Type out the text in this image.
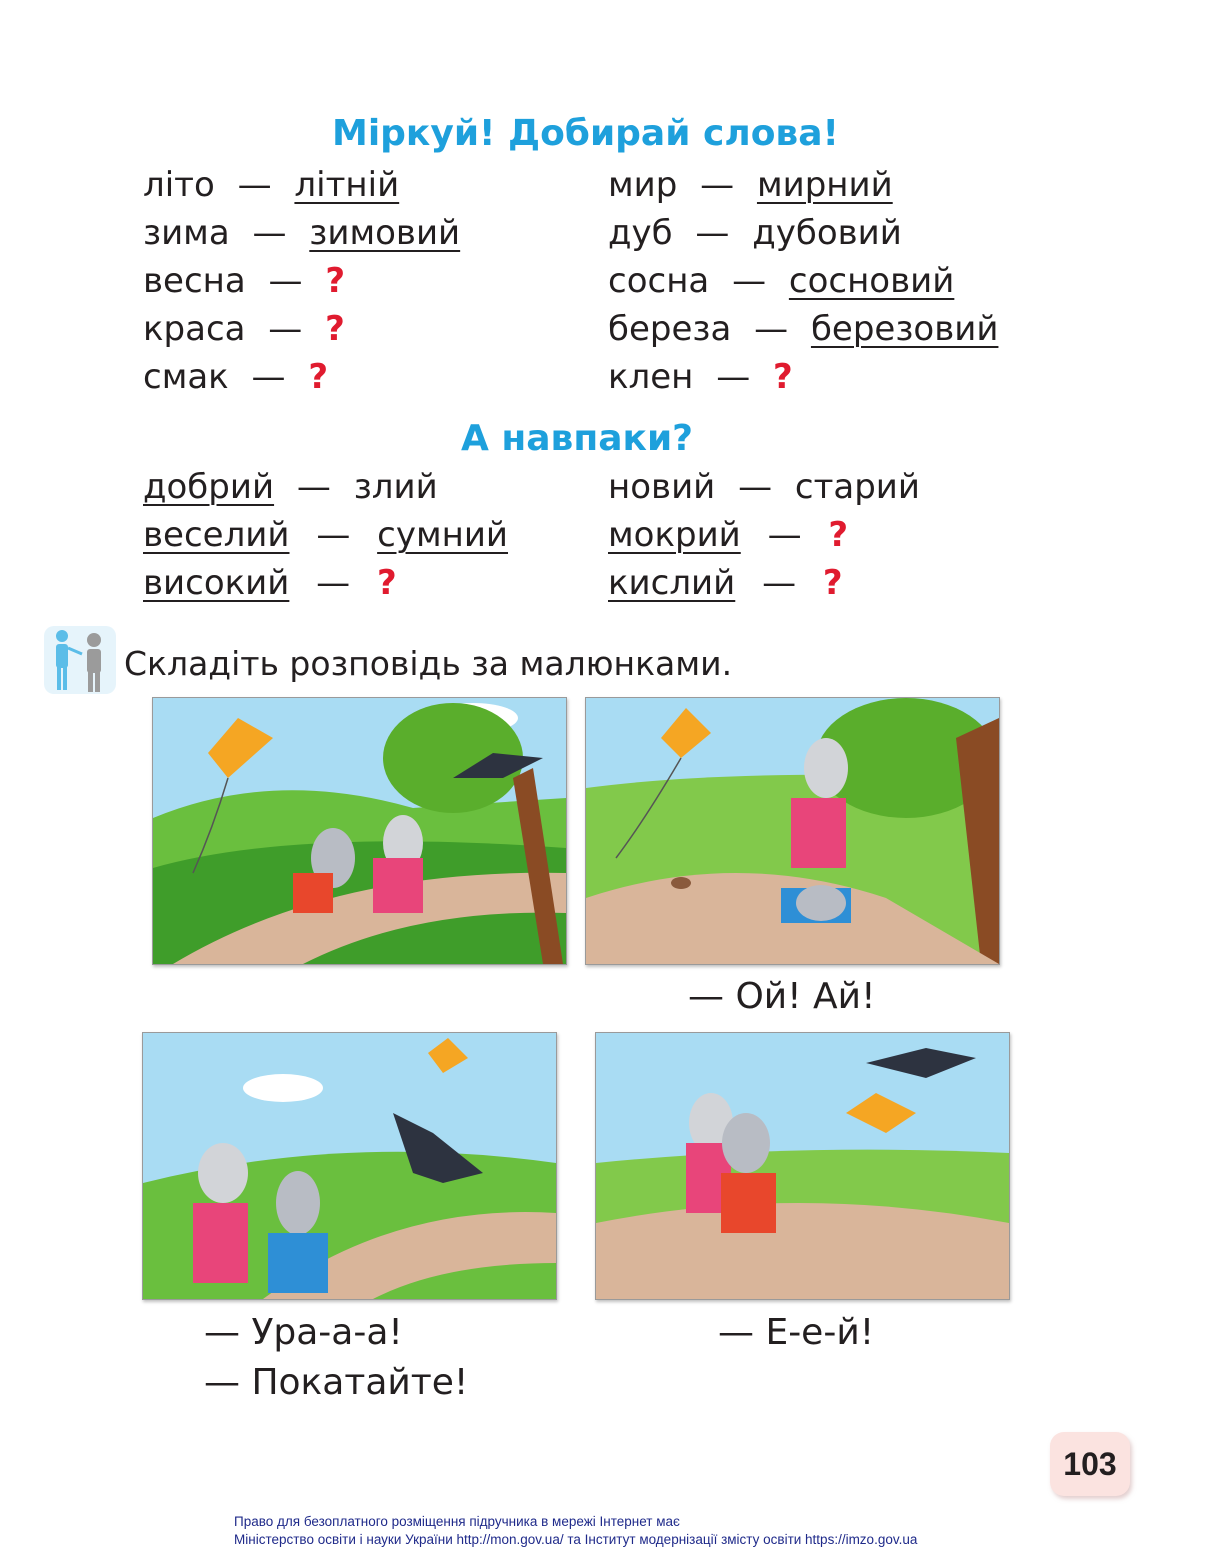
Міркуй! Добирай слова!
літо — літній
зима — зимовий
весна — ?
краса — ?
смак — ?
мир — мирний
дуб — дубовий
сосна — сосновий
береза — березовий
клен — ?
А навпаки?
добрий — злий
веселий — сумний
високий — ?
новий — старий
мокрий — ?
кислий — ?
Складіть розповідь за малюнками.
— Ой! Ай!
— Ура-а-а!
— Покатайте!
— Е-е-й!
103
Право для безоплатного розміщення підручника в мережі Інтернет має
Міністерство освіти і науки України http://mon.gov.ua/ та Інститут модернізації змісту освіти https://imzo.gov.ua
